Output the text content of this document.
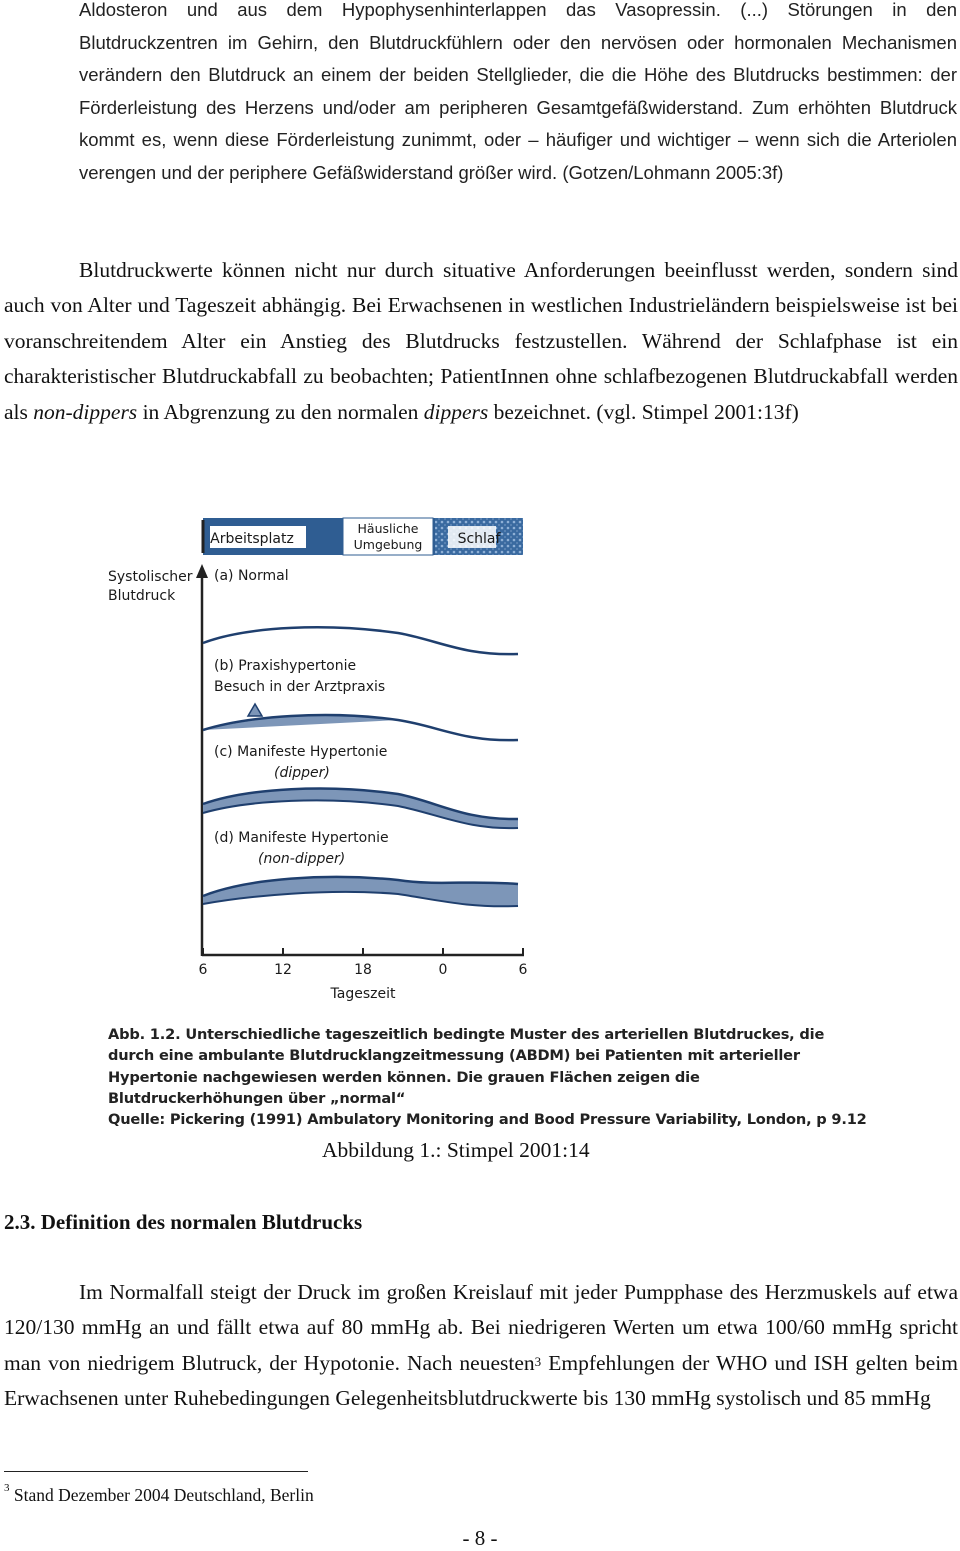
Aldosteron und aus dem Hypophysenhinterlappen das Vasopressin. (...) Störungen in den Blutdruckzentren im Gehirn, den Blutdruckfühlern oder den nervösen oder hormonalen Mechanismen verändern den Blutdruck an einem der beiden Stellglieder, die die Höhe des Blutdrucks bestimmen: der Förderleistung des Herzens und/oder am peripheren Gesamtgefäßwiderstand. Zum erhöhten Blutdruck kommt es, wenn diese Förderleistung zunimmt, oder – häufiger und wichtiger – wenn sich die Arteriolen verengen und der periphere Gefäßwiderstand größer wird. (Gotzen/Lohmann 2005:3f)
Blutdruckwerte können nicht nur durch situative Anforderungen beeinflusst werden, sondern sind auch von Alter und Tageszeit abhängig. Bei Erwachsenen in westlichen Industrieländern beispielsweise ist bei voranschreitendem Alter ein Anstieg des Blutdrucks festzustellen. Während der Schlafphase ist ein charakteristischer Blutdruckabfall zu beobachten; PatientInnen ohne schlafbezogenen Blutdruckabfall werden als non-dippers in Abgrenzung zu den normalen dippers bezeichnet. (vgl. Stimpel 2001:13f)
Arbeitsplatz
Häusliche
Umgebung	Schlaf
Systolischer
Blutdruck
(a) Normal
(b) Praxishypertonie
Besuch in der Arztpraxis
(c) Manifeste Hypertonie
(dipper)
(d) Manifeste Hypertonie
(non-dipper)
6	12	18	0	6
Tageszeit
Abb. 1.2. Unterschiedliche tageszeitlich bedingte Muster des arteriellen Blutdruckes, die durch eine ambulante Blutdrucklangzeitmessung (ABDM) bei Patienten mit arterieller Hypertonie nachgewiesen werden können. Die grauen Flächen zeigen die Blutdruckerhöhungen über „normal“
Quelle: Pickering (1991) Ambulatory Monitoring and Bood Pressure Variability, London, p 9.12
Abbildung 1.: Stimpel 2001:14
2.3. Definition des normalen Blutdrucks
Im Normalfall steigt der Druck im großen Kreislauf mit jeder Pumpphase des Herzmuskels auf etwa 120/130 mmHg an und fällt etwa auf 80 mmHg ab. Bei niedrigeren Werten um etwa 100/60 mmHg spricht man von niedrigem Blutruck, der Hypotonie. Nach neuesten$^3$ Empfehlungen der WHO und ISH gelten beim Erwachsenen unter Ruhebedingungen Gelegenheitsblutdruckwerte bis 130 mmHg systolisch und 85 mmHg
$^3$ Stand Dezember 2004 Deutschland, Berlin
- 8 -
